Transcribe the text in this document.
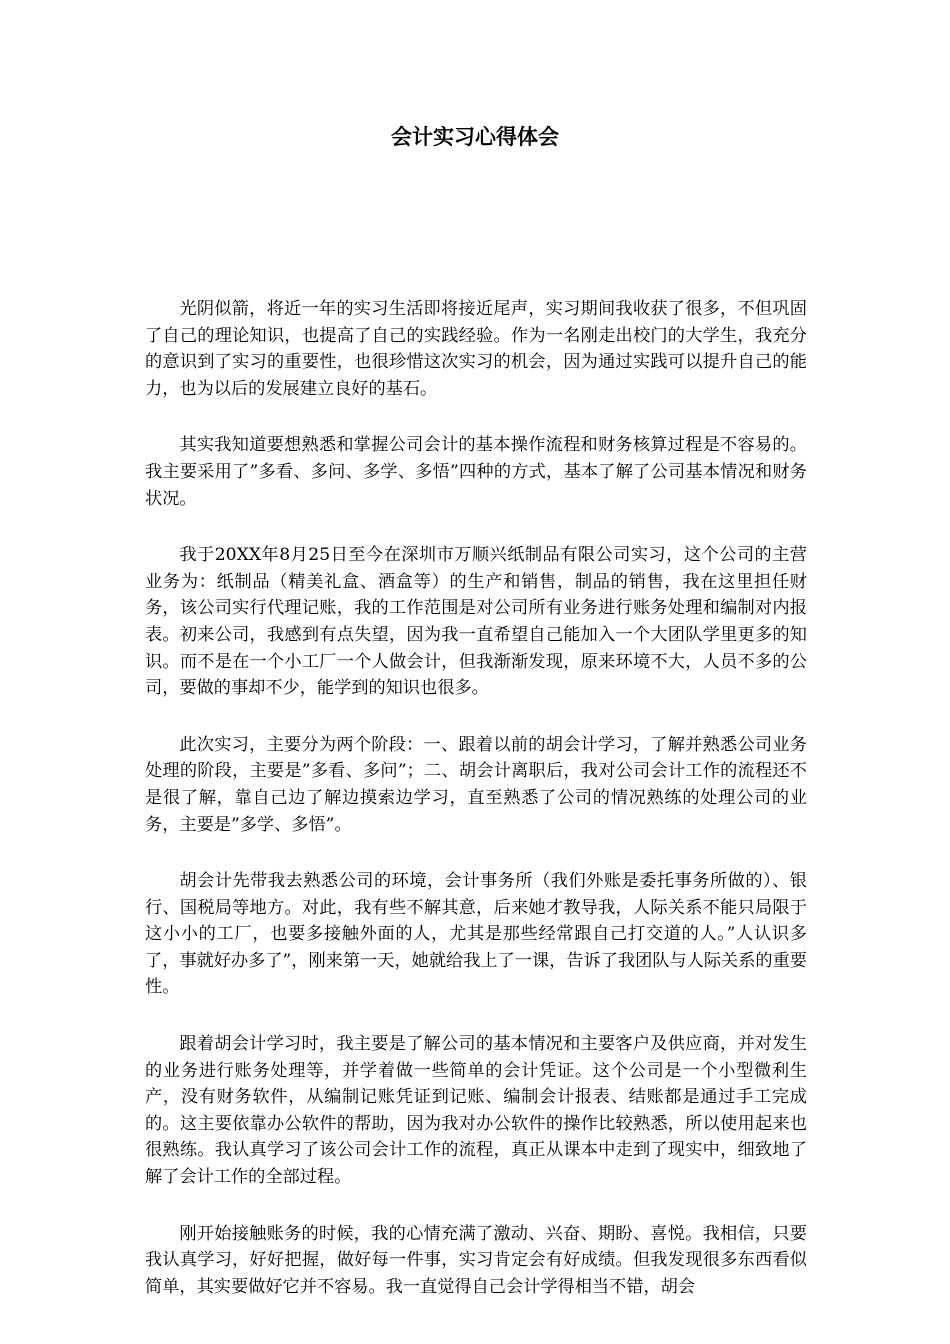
会计实习心得体会

光阴似箭，将近一年的实习生活即将接近尾声，实习期间我收获了很多，不但巩固了自己的理论知识，也提高了自己的实践经验。作为一名刚走出校门的大学生，我充分的意识到了实习的重要性，也很珍惜这次实习的机会，因为通过实践可以提升自己的能力，也为以后的发展建立良好的基石。

其实我知道要想熟悉和掌握公司会计的基本操作流程和财务核算过程是不容易的。我主要采用了”多看、多问、多学、多悟”四种的方式，基本了解了公司基本情况和财务状况。

我于20XX年8月25日至今在深圳市万顺兴纸制品有限公司实习，这个公司的主营业务为：纸制品（精美礼盒、酒盒等）的生产和销售，制品的销售，我在这里担任财务，该公司实行代理记账，我的工作范围是对公司所有业务进行账务处理和编制对内报表。初来公司，我感到有点失望，因为我一直希望自己能加入一个大团队学里更多的知识。而不是在一个小工厂一个人做会计，但我渐渐发现，原来环境不大，人员不多的公司，要做的事却不少，能学到的知识也很多。

此次实习，主要分为两个阶段：一、跟着以前的胡会计学习，了解并熟悉公司业务处理的阶段，主要是”多看、多问”；二、胡会计离职后，我对公司会计工作的流程还不是很了解，靠自己边了解边摸索边学习，直至熟悉了公司的情况熟练的处理公司的业务，主要是”多学、多悟”。

胡会计先带我去熟悉公司的环境，会计事务所（我们外账是委托事务所做的）、银行、国税局等地方。对此，我有些不解其意，后来她才教导我，人际关系不能只局限于这小小的工厂，也要多接触外面的人，尤其是那些经常跟自己打交道的人。”人认识多了，事就好办多了”，刚来第一天，她就给我上了一课，告诉了我团队与人际关系的重要性。

跟着胡会计学习时，我主要是了解公司的基本情况和主要客户及供应商，并对发生的业务进行账务处理等，并学着做一些简单的会计凭证。这个公司是一个小型微利生产，没有财务软件，从编制记账凭证到记账、编制会计报表、结账都是通过手工完成的。这主要依靠办公软件的帮助，因为我对办公软件的操作比较熟悉，所以使用起来也很熟练。我认真学习了该公司会计工作的流程，真正从课本中走到了现实中，细致地了解了会计工作的全部过程。

刚开始接触账务的时候，我的心情充满了激动、兴奋、期盼、喜悦。我相信，只要我认真学习，好好把握，做好每一件事，实习肯定会有好成绩。但我发现很多东西看似简单，其实要做好它并不容易。我一直觉得自己会计学得相当不错，胡会
